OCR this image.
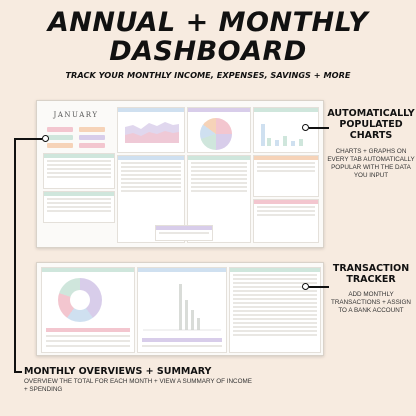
ANNUAL + MONTHLY
DASHBOARD
TRACK YOUR MONTHLY INCOME, EXPENSES, SAVINGS + MORE
JANUARY	AUTOMATICALLY POPULATED CHARTS
CHARTS + GRAPHS ON EVERY TAB AUTOMATICALLY POPULAR WITH THE DATA YOU INPUT
TRANSACTION TRACKER
ADD MONTHLY TRANSACTIONS + ASSIGN TO A BANK ACCOUNT
MONTHLY OVERVIEWS + SUMMARY
OVERVIEW THE TOTAL FOR EACH MONTH + VIEW A SUMMARY OF INCOME + SPENDING
